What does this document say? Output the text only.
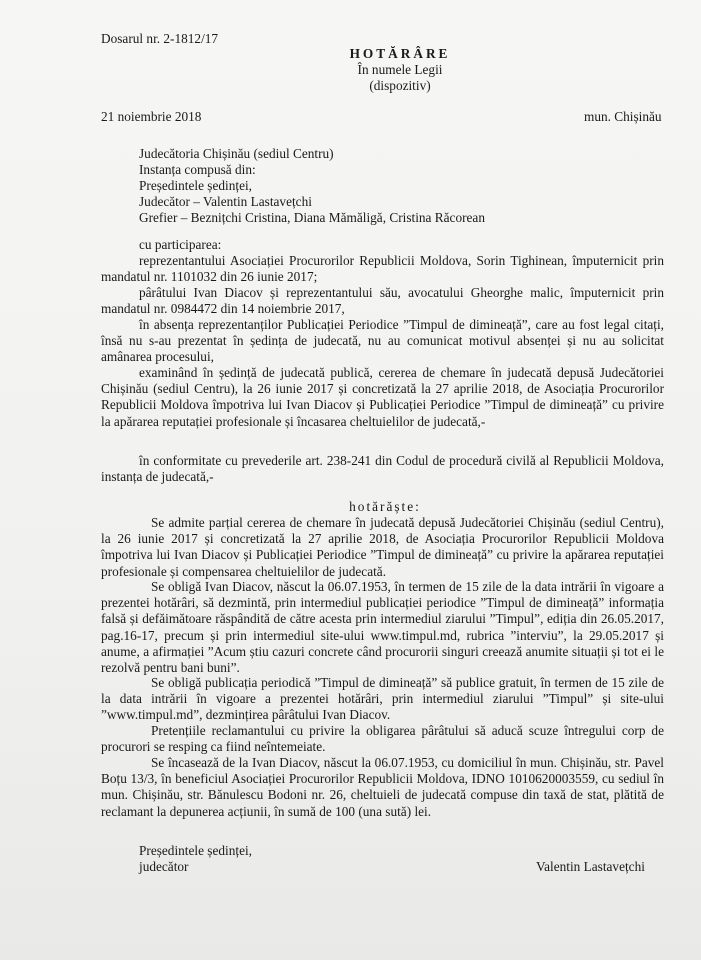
Dosarul nr. 2-1812/17
HOTĂRÂRE
În numele Legii
(dispozitiv)
21 noiembrie 2018	mun. Chișinău
Judecătoria Chișinău (sediul Centru)
Instanța compusă din:
Președintele ședinței,
Judecător – Valentin Lastavețchi
Grefier – Beznițchi Cristina, Diana Mămăligă, Cristina Răcorean
cu participarea:
reprezentantului Asociației Procurorilor Republicii Moldova, Sorin Tighinean, împuternicit prin mandatul nr. 1101032 din 26 iunie 2017;
pârâtului Ivan Diacov și reprezentantului său, avocatului Gheorghe malic, împuternicit prin mandatul nr. 0984472 din 14 noiembrie 2017,
în absența reprezentanților Publicației Periodice ”Timpul de dimineață”, care au fost legal citați, însă nu s-au prezentat în ședința de judecată, nu au comunicat motivul absenței și nu au solicitat amânarea procesului,
examinând în ședință de judecată publică, cererea de chemare în judecată depusă Judecătoriei Chișinău (sediul Centru), la 26 iunie 2017 și concretizată la 27 aprilie 2018, de Asociația Procurorilor Republicii Moldova împotriva lui Ivan Diacov și Publicației Periodice ”Timpul de dimineață” cu privire la apărarea reputației profesionale și încasarea cheltuielilor de judecată,-
în conformitate cu prevederile art. 238-241 din Codul de procedură civilă al Republicii Moldova, instanța de judecată,-
hotărăște:
Se admite parțial cererea de chemare în judecată depusă Judecătoriei Chișinău (sediul Centru), la 26 iunie 2017 și concretizată la 27 aprilie 2018, de Asociația Procurorilor Republicii Moldova împotriva lui Ivan Diacov și Publicației Periodice ”Timpul de dimineață” cu privire la apărarea reputației profesionale și compensarea cheltuielilor de judecată.
Se obligă Ivan Diacov, născut la 06.07.1953, în termen de 15 zile de la data intrării în vigoare a prezentei hotărâri, să dezmintă, prin intermediul publicației periodice ”Timpul de dimineață” informația falsă și defăimătoare răspândită de către acesta prin intermediul ziarului ”Timpul”, ediția din 26.05.2017, pag.16-17, precum și prin intermediul site-ului www.timpul.md, rubrica ”interviu”, la 29.05.2017 și anume, a afirmației ”Acum știu cazuri concrete când procurorii singuri creează anumite situații și tot ei le rezolvă pentru bani buni”.
Se obligă publicația periodică ”Timpul de dimineață” să publice gratuit, în termen de 15 zile de la data intrării în vigoare a prezentei hotărâri, prin intermediul ziarului ”Timpul” și site-ului ”www.timpul.md”, dezmințirea pârâtului Ivan Diacov.
Pretențiile reclamantului cu privire la obligarea pârâtului să aducă scuze întregului corp de procurori se resping ca fiind neîntemeiate.
Se încasează de la Ivan Diacov, născut la 06.07.1953, cu domiciliul în mun. Chișinău, str. Pavel Boțu 13/3, în beneficiul Asociației Procurorilor Republicii Moldova, IDNO 1010620003559, cu sediul în mun. Chișinău, str. Bănulescu Bodoni nr. 26, cheltuieli de judecată compuse din taxă de stat, plătită de reclamant la depunerea acțiunii, în sumă de 100 (una sută) lei.
Președintele ședinței,
judecător	Valentin Lastavețchi
